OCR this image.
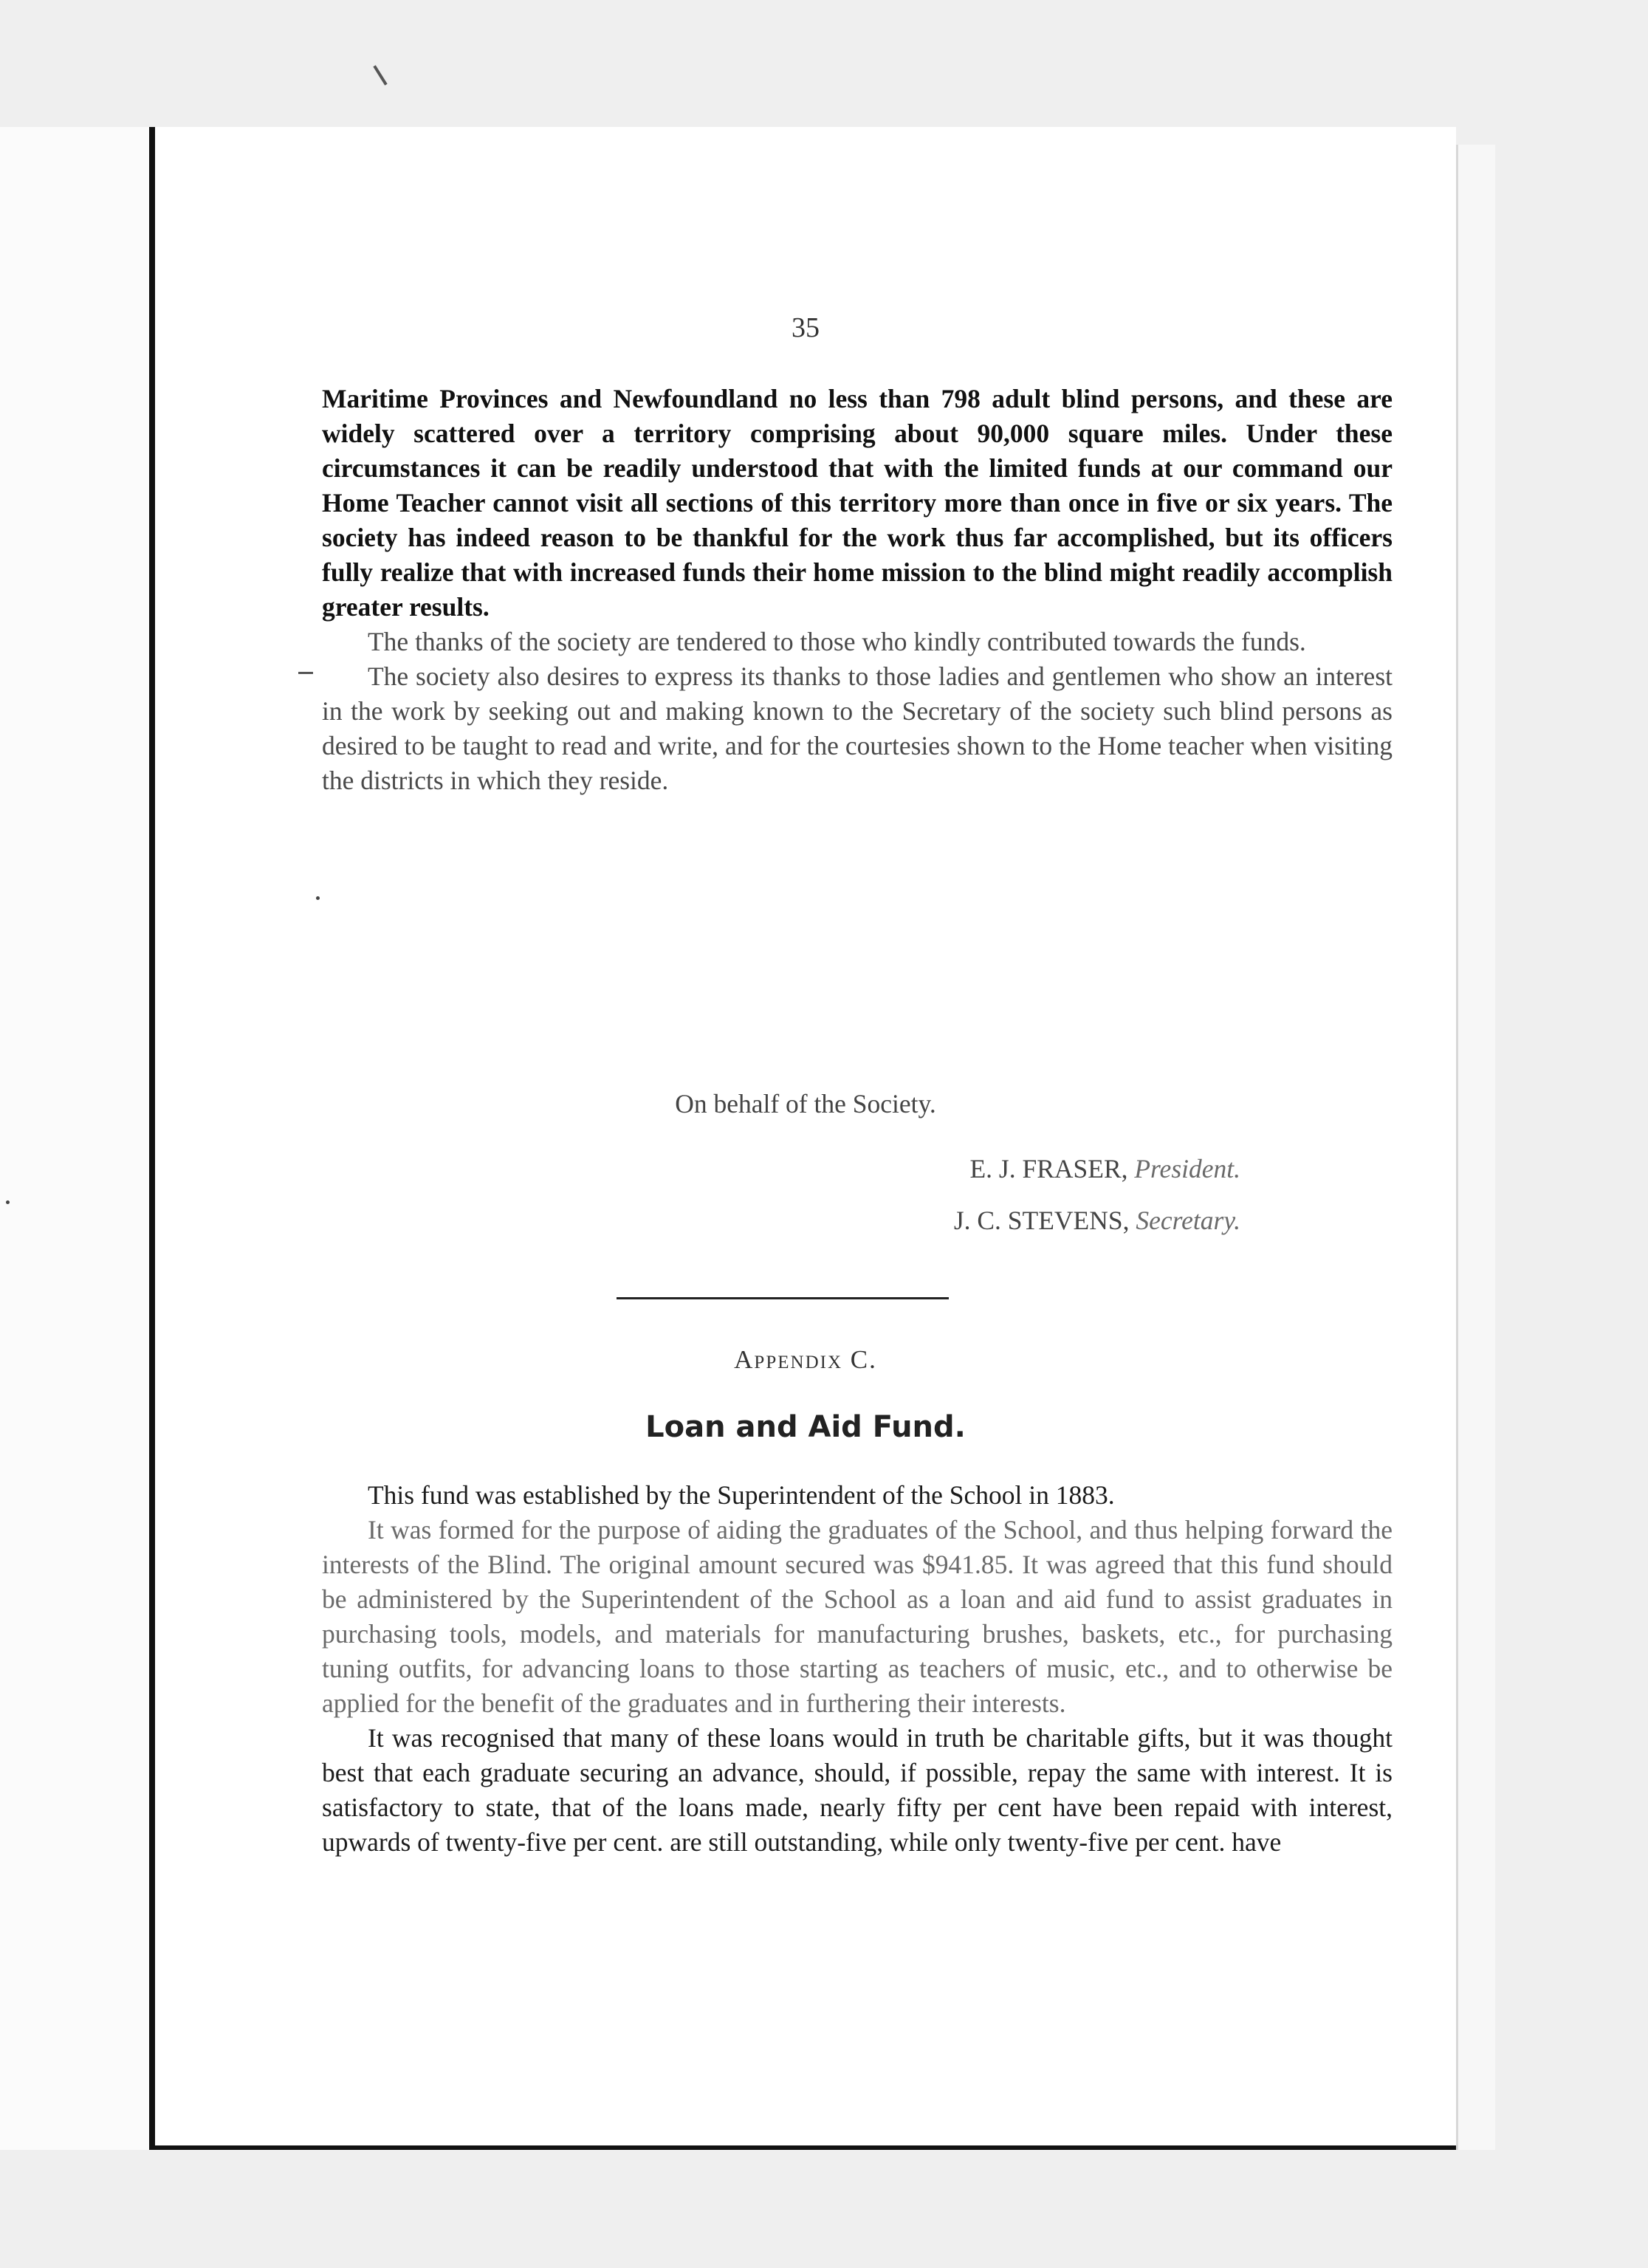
35

Maritime Provinces and Newfoundland no less than 798 adult blind persons, and these are widely scattered over a territory comprising about 90,000 square miles. Under these circumstances it can be readily understood that with the limited funds at our command our Home Teacher cannot visit all sections of this territory more than once in five or six years. The society has indeed reason to be thankful for the work thus far accomplished, but its officers fully realize that with increased funds their home mission to the blind might readily accomplish greater results.

The thanks of the society are tendered to those who kindly contributed towards the funds.

The society also desires to express its thanks to those ladies and gentlemen who show an interest in the work by seeking out and making known to the Secretary of the society such blind persons as desired to be taught to read and write, and for the courtesies shown to the Home teacher when visiting the districts in which they reside.

On behalf of the Society.
E. J. FRASER, President.
J. C. STEVENS, Secretary.
Appendix C.
Loan and Aid Fund.

This fund was established by the Superintendent of the School in 1883.

It was formed for the purpose of aiding the graduates of the School, and thus helping forward the interests of the Blind. The original amount secured was $941.85. It was agreed that this fund should be administered by the Superintendent of the School as a loan and aid fund to assist graduates in purchasing tools, models, and materials for manufacturing brushes, baskets, etc., for purchasing tuning outfits, for advancing loans to those starting as teachers of music, etc., and to otherwise be applied for the benefit of the graduates and in furthering their interests.

It was recognised that many of these loans would in truth be charitable gifts, but it was thought best that each graduate securing an advance, should, if possible, repay the same with interest. It is satisfactory to state, that of the loans made, nearly fifty per cent have been repaid with interest, upwards of twenty-five per cent. are still outstanding, while only twenty-five per cent. have
